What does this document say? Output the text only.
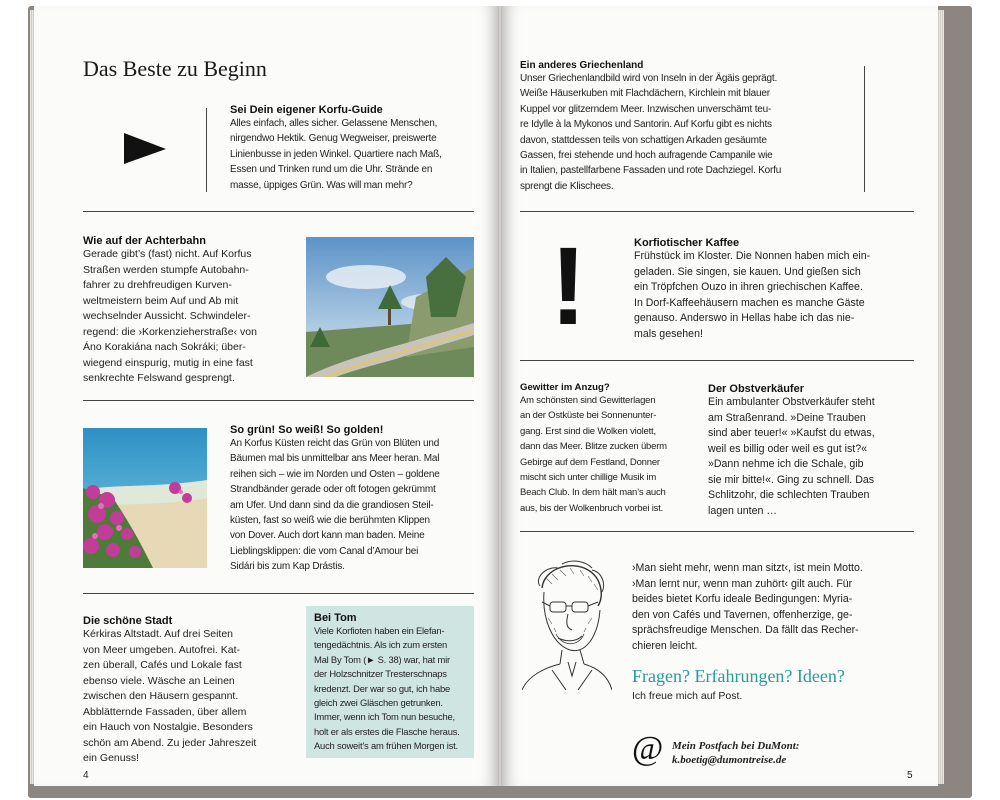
Das Beste zu Beginn
Sei Dein eigener Korfu-Guide
Alles einfach, alles sicher. Gelassene Menschen,
nirgendwo Hektik. Genug Wegweiser, preiswerte
Linienbusse in jeden Winkel. Quartiere nach Maß,
Essen und Trinken rund um die Uhr. Strände en
masse, üppiges Grün. Was will man mehr?
Wie auf der Achterbahn
Gerade gibt’s (fast) nicht. Auf Korfus
Straßen werden stumpfe Autobahn-
fahrer zu drehfreudigen Kurven-
weltmeistern beim Auf und Ab mit
wechselnder Aussicht. Schwindeler-
regend: die ›Korkenzieherstraße‹ von
Áno Korakiána nach Sokráki; über-
wiegend einspurig, mutig in eine fast
senkrechte Felswand gesprengt.
So grün! So weiß! So golden!
An Korfus Küsten reicht das Grün von Blüten und
Bäumen mal bis unmittelbar ans Meer heran. Mal
reihen sich – wie im Norden und Osten – goldene
Strandbänder gerade oder oft fotogen gekrümmt
am Ufer. Und dann sind da die grandiosen Steil-
küsten, fast so weiß wie die berühmten Klippen
von Dover. Auch dort kann man baden. Meine
Lieblingsklippen: die vom Canal d’Amour bei
Sidári bis zum Kap Drástis.
Die schöne Stadt
Kérkiras Altstadt. Auf drei Seiten
von Meer umgeben. Autofrei. Kat-
zen überall, Cafés und Lokale fast
ebenso viele. Wäsche an Leinen
zwischen den Häusern gespannt.
Abblätternde Fassaden, über allem
ein Hauch von Nostalgie. Besonders
schön am Abend. Zu jeder Jahreszeit
ein Genuss!
Bei Tom
Viele Korfioten haben ein Elefan-
tengedächtnis. Als ich zum ersten
Mal By Tom (► S. 38) war, hat mir
der Holzschnitzer Tresterschnaps
kredenzt. Der war so gut, ich habe
gleich zwei Gläschen getrunken.
Immer, wenn ich Tom nun besuche,
holt er als erstes die Flasche heraus.
Auch soweit’s am frühen Morgen ist.
4
Ein anderes Griechenland
Unser Griechenlandbild wird von Inseln in der Ägäis geprägt.
Weiße Häuserkuben mit Flachdächern, Kirchlein mit blauer
Kuppel vor glitzerndem Meer. Inzwischen unverschämt teu-
re Idylle à la Mykonos und Santorin. Auf Korfu gibt es nichts
davon, stattdessen teils von schattigen Arkaden gesäumte
Gassen, frei stehende und hoch aufragende Campanile wie
in Italien, pastellfarbene Fassaden und rote Dachziegel. Korfu
sprengt die Klischees.
!	Korfiotischer Kaffee
Frühstück im Kloster. Die Nonnen haben mich ein-
geladen. Sie singen, sie kauen. Und gießen sich
ein Tröpfchen Ouzo in ihren griechischen Kaffee.
In Dorf-Kaffeehäusern machen es manche Gäste
genauso. Anderswo in Hellas habe ich das nie-
mals gesehen!
Gewitter im Anzug?
Am schönsten sind Gewitterlagen
an der Ostküste bei Sonnenunter-
gang. Erst sind die Wolken violett,
dann das Meer. Blitze zucken überm
Gebirge auf dem Festland, Donner
mischt sich unter chillige Musik im
Beach Club. In dem hält man’s auch
aus, bis der Wolkenbruch vorbei ist.
Der Obstverkäufer
Ein ambulanter Obstverkäufer steht
am Straßenrand. »Deine Trauben
sind aber teuer!« »Kaufst du etwas,
weil es billig oder weil es gut ist?«
»Dann nehme ich die Schale, gib
sie mir bitte!«. Ging zu schnell. Das
Schlitzohr, die schlechten Trauben
lagen unten …
›Man sieht mehr, wenn man sitzt‹, ist mein Motto.
›Man lernt nur, wenn man zuhört‹ gilt auch. Für
beides bietet Korfu ideale Bedingungen: Myria-
den von Cafés und Tavernen, offenherzige, ge-
sprächsfreudige Menschen. Da fällt das Recher-
chieren leicht.
Fragen? Erfahrungen? Ideen?
Ich freue mich auf Post.
@ Mein Postfach bei DuMont:
k.boetig@dumontreise.de
5
